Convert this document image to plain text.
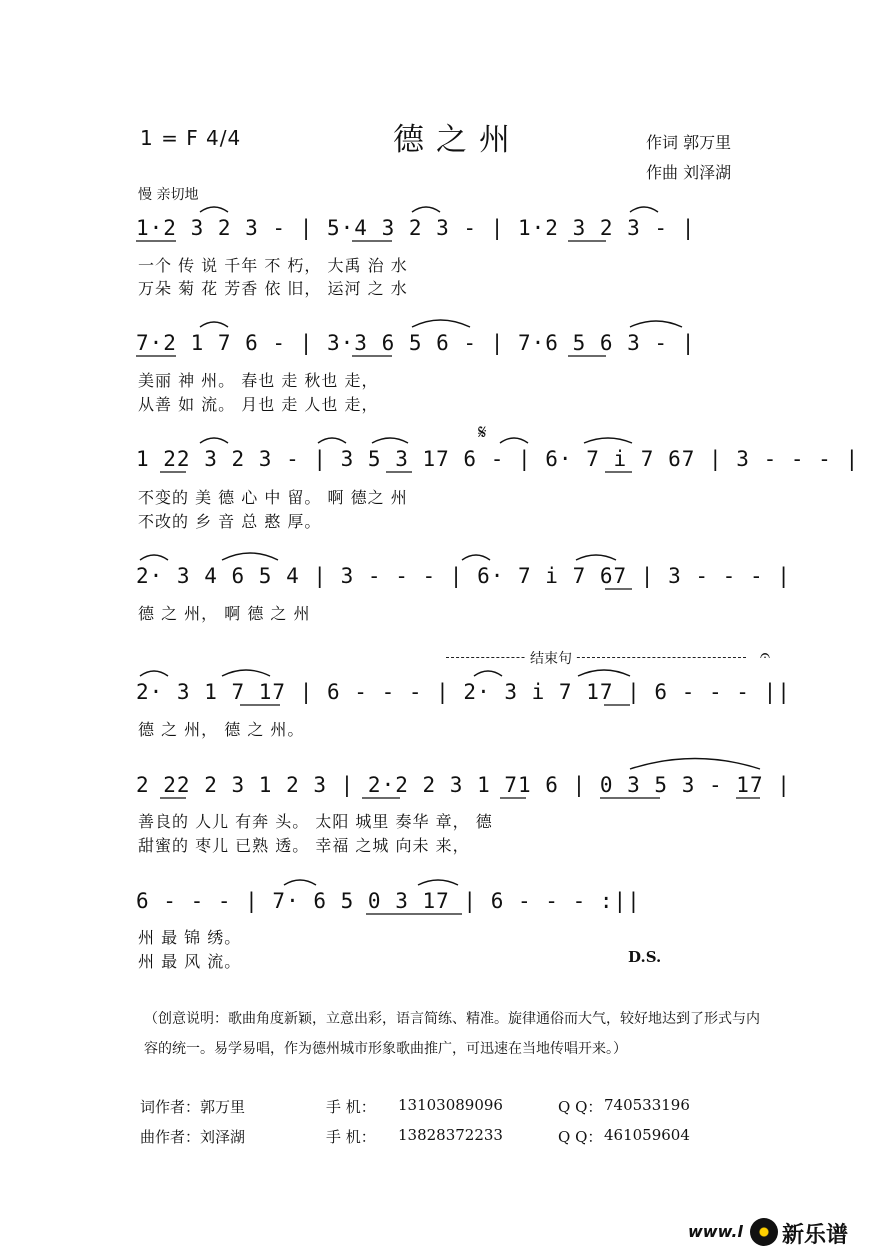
1 = F 4/4	德之州	作词 郭万里
作曲 刘泽湖
慢 亲切地
1·2 3 2 3 - | 5·4 3 2 3 - | 1·2 3 2 3 - |
一个 传 说 千年 不 朽， 大禹 治 水
万朵 菊 花 芳香 依 旧， 运河 之 水
7·2 1 7 6 - | 3·3 6 5 6 - | 7·6 5 6 3 - |
美丽 神 州。 春也 走 秋也 走，
从善 如 流。 月也 走 人也 走，
𝄋
1 22 3 2 3 - | 3 5 3 17 6 - | 6· 7 i 7 67 | 3 - - - |
不变的 美 德 心 中 留。 啊 德之 州
不改的 乡 音 总 憨 厚。
2· 3 4 6 5 4 | 3 - - - | 6· 7 i 7 67 | 3 - - - |
德 之 州， 啊 德 之 州
结束句	𝄐
2· 3 1 7 17 | 6 - - - | 2· 3 i 7 17 | 6 - - - ||
德 之 州， 德 之 州。
2 22 2 3 1 2 3 | 2·2 2 3 1 71 6 | 0 3 5 3 - 17 |
善良的 人儿 有奔 头。 太阳 城里 奏华 章， 德
甜蜜的 枣儿 已熟 透。 幸福 之城 向未 来，
6 - - - | 7· 6 5 0 3 17 | 6 - - - :||
州 最 锦 绣。
州 最 风 流。	D.S.
（创意说明：歌曲角度新颖，立意出彩，语言简练、精准。旋律通俗而大气，较好地达到了形式与内容的统一。易学易唱，作为德州城市形象歌曲推广，可迅速在当地传唱开来。）
词作者：郭万里	手 机： 13103089096	Q Q： 740533196
曲作者：刘泽湖	手 机： 13828372233	Q Q： 461059604
www.l 新乐谱
